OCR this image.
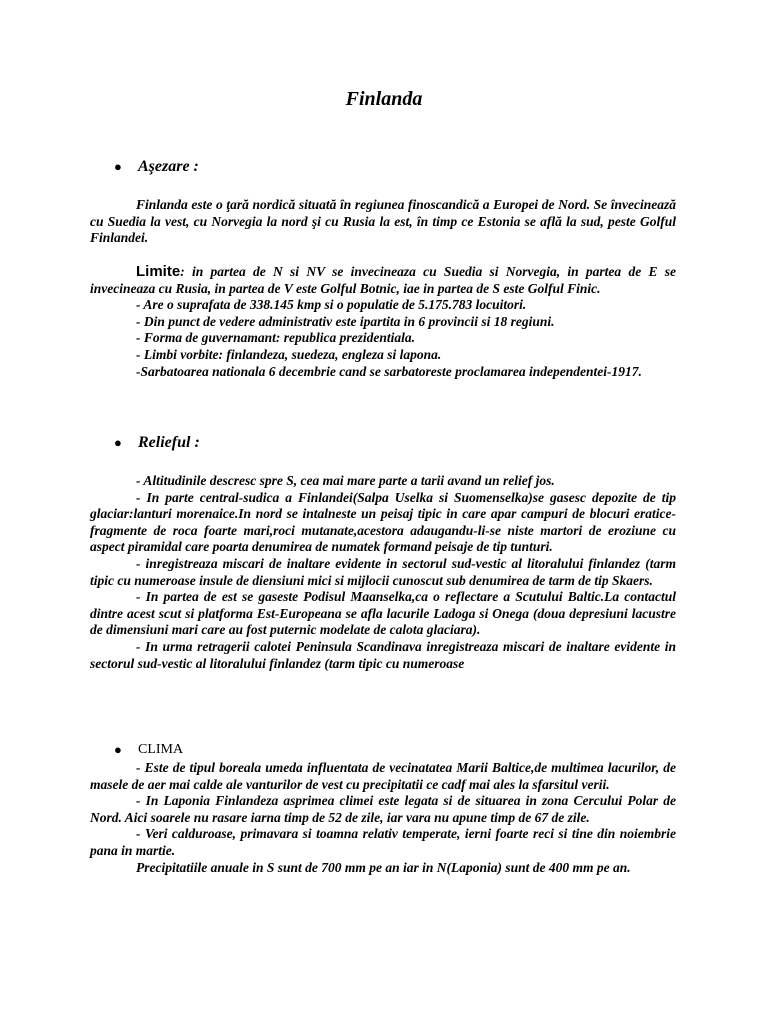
Finlanda
●	Aşezare :

Finlanda este o ţară nordică situată în regiunea finoscandică a Europei de Nord. Se învecinează cu Suedia la vest, cu Norvegia la nord şi cu Rusia la est, în timp ce Estonia se află la sud, peste Golful Finlandei.

Limite: in partea de N si NV se invecineaza cu Suedia si Norvegia, in partea de E se invecineaza cu Rusia, in partea de V este Golful Botnic, iae in partea de S este Golful Finic.

- Are o suprafata de 338.145 kmp si o populatie de 5.175.783 locuitori.

- Din punct de vedere administrativ este ipartita in 6 provincii si 18 regiuni.

- Forma de guvernamant: republica prezidentiala.

- Limbi vorbite: finlandeza, suedeza, engleza si lapona.

-Sarbatoarea nationala 6 decembrie cand se sarbatoreste proclamarea independentei-1917.

●	Relieful :

- Altitudinile descresc spre S, cea mai mare parte a tarii avand un relief jos.

- In parte central-sudica a Finlandei(Salpa Uselka si Suomenselka)se gasesc depozite de tip glaciar:lanturi morenaice.In nord se intalneste un peisaj tipic in care apar campuri de blocuri eratice-fragmente de roca foarte mari,roci mutanate,acestora adaugandu-li-se niste martori de eroziune cu aspect piramidal care poarta denumirea de numatek formand peisaje de tip tunturi.

- inregistreaza miscari de inaltare evidente in sectorul sud-vestic al litoralului finlandez (tarm tipic cu numeroase insule de diensiuni mici si mijlocii cunoscut sub denumirea de tarm de tip Skaers.

- In partea de est se gaseste Podisul Maanselka,ca o reflectare a Scutului Baltic.La contactul dintre acest scut si platforma Est-Europeana se afla lacurile Ladoga si Onega (doua depresiuni lacustre de dimensiuni mari care au fost puternic modelate de calota glaciara).

- In urma retragerii calotei Peninsula Scandinava inregistreaza miscari de inaltare evidente in sectorul sud-vestic al litoralului finlandez (tarm tipic cu numeroase

●	CLIMA

- Este de tipul boreala umeda influentata de vecinatatea Marii Baltice,de multimea lacurilor, de masele de aer mai calde ale vanturilor de vest cu precipitatii ce cadf mai ales la sfarsitul verii.

- In Laponia Finlandeza asprimea climei este legata si de situarea in zona Cercului Polar de Nord. Aici soarele nu rasare iarna timp de 52 de zile, iar vara nu apune timp de 67 de zile.

- Veri calduroase, primavara si toamna relativ temperate, ierni foarte reci si tine din noiembrie pana in martie.

Precipitatiile anuale in S sunt de 700 mm pe an iar in N(Laponia) sunt de 400 mm pe an.
